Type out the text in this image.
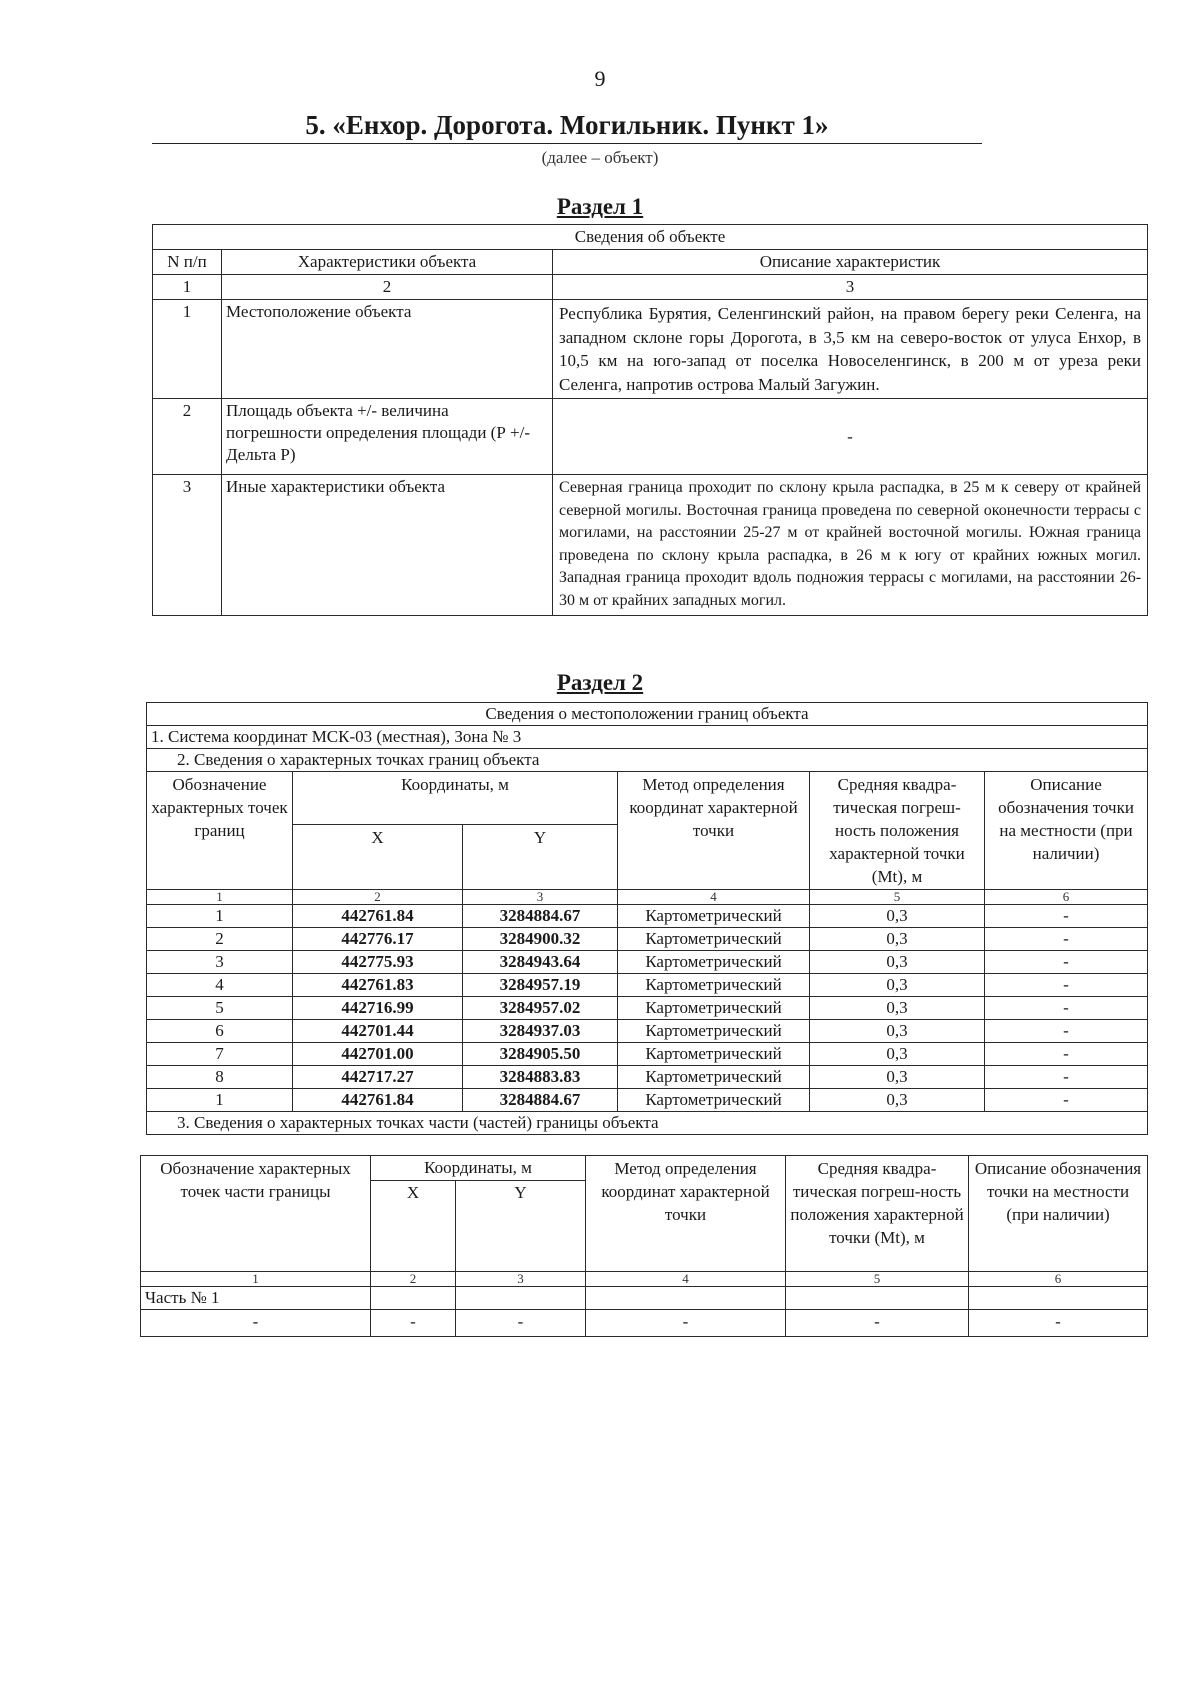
9
5. «Енхор. Дорогота. Могильник. Пункт 1»
(далее – объект)
Раздел 1
Сведения об объекте		
N п/п	Характеристики объекта	Описание характеристик
1	2	3
1	Местоположение объекта	Республика Бурятия, Селенгинский район, на правом берегу реки Селенга, на западном склоне горы Дорогота, в 3,5 км на северо-восток от улуса Енхор, в 10,5 км на юго-запад от поселка Новоселенгинск, в 200 м от уреза реки Селенга, напротив острова Малый Загужин.
2	Площадь объекта +/- величина погрешности определения площади (Р +/- Дельта Р)	-
3	Иные характеристики объекта	Северная граница проходит по склону крыла распадка, в 25 м к северу от крайней северной могилы. Восточная граница проведена по северной оконечности террасы с могилами, на расстоянии 25-27 м от крайней восточной могилы. Южная граница проведена по склону крыла распадка, в 26 м к югу от крайних южных могил. Западная граница проходит вдоль подножия террасы с могилами, на расстоянии 26-30 м от крайних западных могил.
Раздел 2
Сведения о местоположении границ объекта					
1. Система координат МСК-03 (местная), Зона № 3					
2. Сведения о характерных точках границ объекта					
Обозначение характерных точек границ	Координаты, м		Метод определения координат характерной точки	Средняя квадра-тическая погреш-ность положения характерной точки (Mt), м	Описание обозначения точки на местности (при наличии)
	X	Y			
1	2	3	4	5	6
1	442761.84	3284884.67	Картометрический	0,3	-
2	442776.17	3284900.32	Картометрический	0,3	-
3	442775.93	3284943.64	Картометрический	0,3	-
4	442761.83	3284957.19	Картометрический	0,3	-
5	442716.99	3284957.02	Картометрический	0,3	-
6	442701.44	3284937.03	Картометрический	0,3	-
7	442701.00	3284905.50	Картометрический	0,3	-
8	442717.27	3284883.83	Картометрический	0,3	-
1	442761.84	3284884.67	Картометрический	0,3	-
3. Сведения о характерных точках части (частей) границы объекта					
Обозначение характерных точек части границы	Координаты, м		Метод определения координат характерной точки	Средняя квадра-тическая погреш-ность положения характерной точки (Mt), м	Описание обозначения точки на местности (при наличии)
	X	Y			
1	2	3	4	5	6
Часть № 1					
-	-	-	-	-	-
